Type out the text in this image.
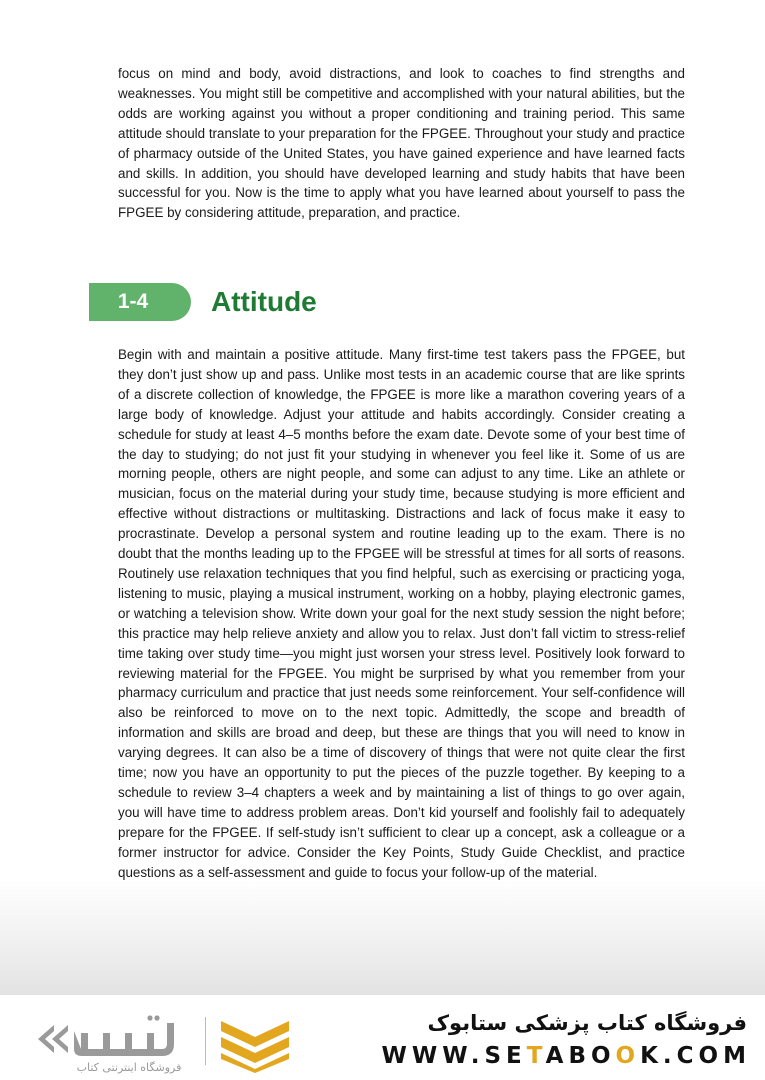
focus on mind and body, avoid distractions, and look to coaches to find strengths and weaknesses. You might still be competitive and accomplished with your natural abilities, but the odds are working against you without a proper conditioning and training period. This same attitude should translate to your preparation for the FPGEE. Throughout your study and practice of pharmacy outside of the United States, you have gained experience and have learned facts and skills. In addition, you should have developed learning and study habits that have been successful for you. Now is the time to apply what you have learned about yourself to pass the FPGEE by considering attitude, preparation, and practice.

1-4	Attitude

Begin with and maintain a positive attitude. Many first-time test takers pass the FPGEE, but they don’t just show up and pass. Unlike most tests in an academic course that are like sprints of a discrete collection of knowledge, the FPGEE is more like a marathon covering years of a large body of knowledge. Adjust your attitude and habits accordingly. Consider creating a schedule for study at least 4–5 months before the exam date. Devote some of your best time of the day to studying; do not just fit your studying in whenever you feel like it. Some of us are morning people, others are night people, and some can adjust to any time. Like an athlete or musician, focus on the material during your study time, because studying is more efficient and effective without distractions or multitasking. Distractions and lack of focus make it easy to procrastinate. Develop a personal system and routine leading up to the exam. There is no doubt that the months leading up to the FPGEE will be stressful at times for all sorts of reasons. Routinely use relaxation techniques that you find helpful, such as exercising or practicing yoga, listening to music, playing a musical instrument, working on a hobby, playing electronic games, or watching a television show. Write down your goal for the next study session the night before; this practice may help relieve anxiety and allow you to relax. Just don’t fall victim to stress-relief time taking over study time—you might just worsen your stress level. Positively look forward to reviewing material for the FPGEE. You might be surprised by what you remember from your pharmacy curriculum and practice that just needs some reinforcement. Your self-confidence will also be reinforced to move on to the next topic. Admittedly, the scope and breadth of information and skills are broad and deep, but these are things that you will need to know in varying degrees. It can also be a time of discovery of things that were not quite clear the first time; now you have an opportunity to put the pieces of the puzzle together. By keeping to a schedule to review 3–4 chapters a week and by maintaining a list of things to go over again, you will have time to address problem areas. Don’t kid yourself and foolishly fail to adequately prepare for the FPGEE. If self-study isn’t sufficient to clear up a concept, ask a colleague or a former instructor for advice. Consider the Key Points, Study Guide Checklist, and practice questions as a self-assessment and guide to focus your follow-up of the material.

فروشگاه اینترنتی کتاب
فروشگاه کتاب پزشکی ستابوک
WWW.SETABOOK.COM
